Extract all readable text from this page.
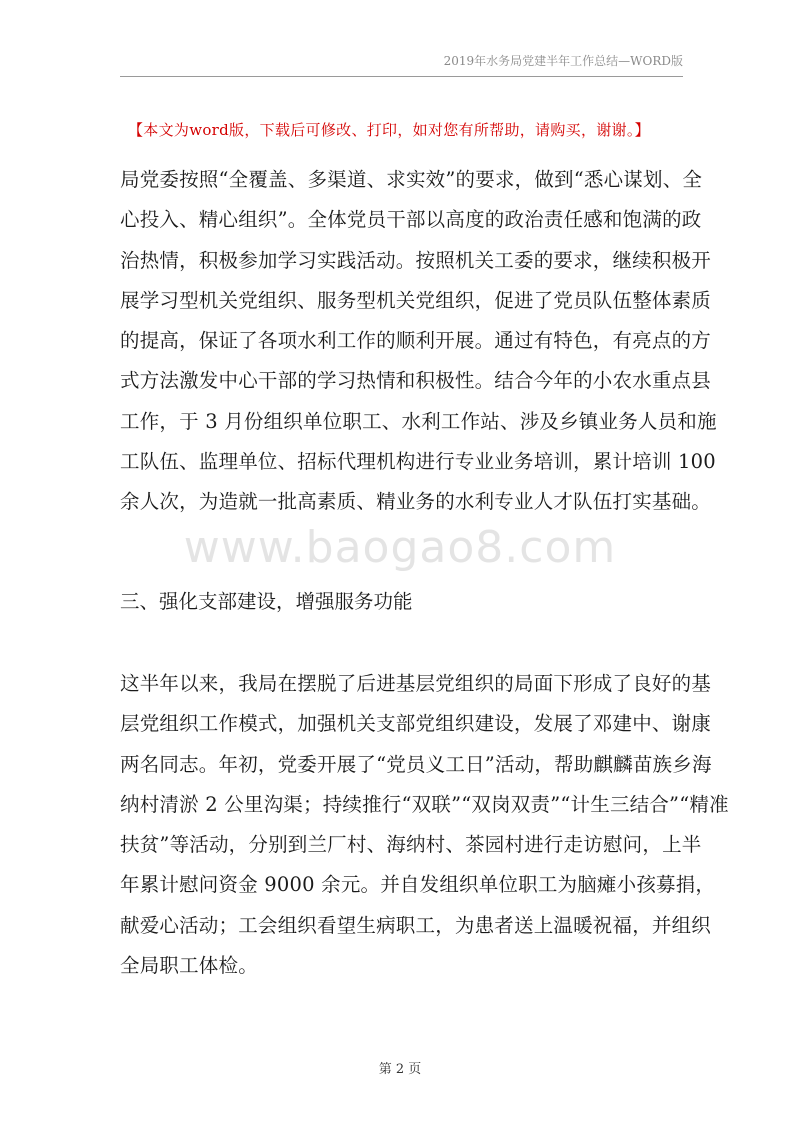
2019年水务局党建半年工作总结—WORD版
【本文为word版，下载后可修改、打印，如对您有所帮助，请购买，谢谢。】
局党委按照“全覆盖、多渠道、求实效”的要求，做到“悉心谋划、全
心投入、精心组织”。全体党员干部以高度的政治责任感和饱满的政
治热情，积极参加学习实践活动。按照机关工委的要求，继续积极开
展学习型机关党组织、服务型机关党组织，促进了党员队伍整体素质
的提高，保证了各项水利工作的顺利开展。通过有特色，有亮点的方
式方法激发中心干部的学习热情和积极性。结合今年的小农水重点县
工作，于 3 月份组织单位职工、水利工作站、涉及乡镇业务人员和施
工队伍、监理单位、招标代理机构进行专业业务培训，累计培训 100
余人次，为造就一批高素质、精业务的水利专业人才队伍打实基础。
www.baogao8.com
三、强化支部建设，增强服务功能
这半年以来，我局在摆脱了后进基层党组织的局面下形成了良好的基
层党组织工作模式，加强机关支部党组织建设，发展了邓建中、谢康
两名同志。年初，党委开展了“党员义工日”活动，帮助麒麟苗族乡海
纳村清淤 2 公里沟渠；持续推行“双联”“双岗双责”“计生三结合”“精准
扶贫”等活动，分别到兰厂村、海纳村、茶园村进行走访慰问，上半
年累计慰问资金 9000 余元。并自发组织单位职工为脑瘫小孩募捐，
献爱心活动；工会组织看望生病职工，为患者送上温暖祝福，并组织
全局职工体检。
第 2 页
